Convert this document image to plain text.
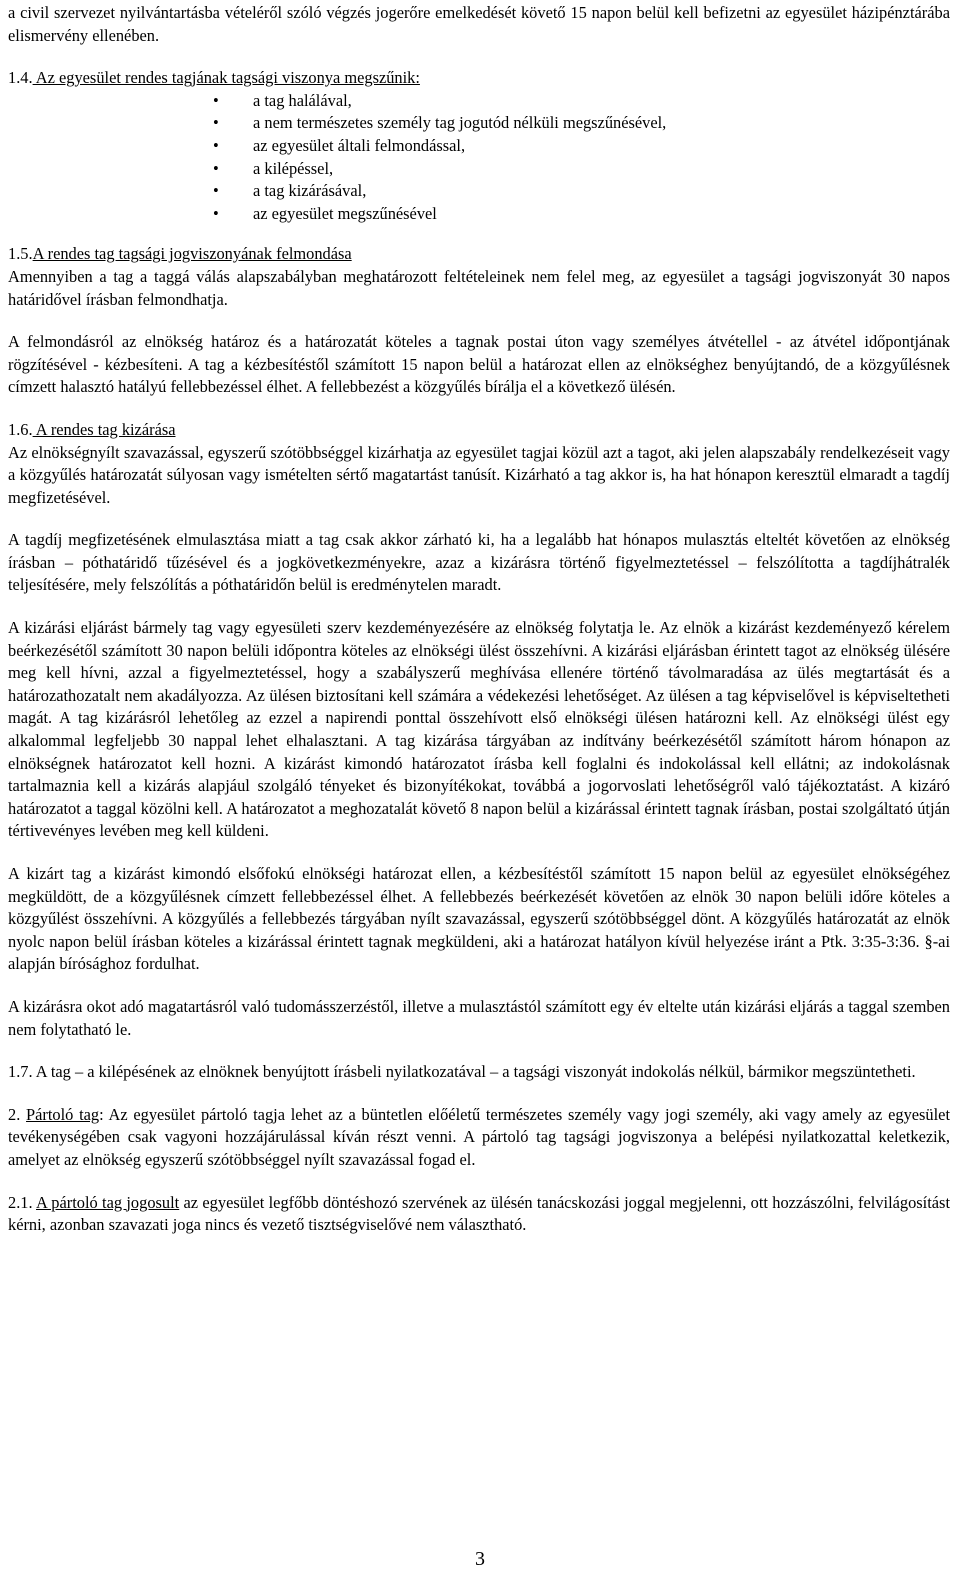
a civil szervezet nyilvántartásba vételéről szóló végzés jogerőre emelkedését követő 15 napon belül kell befizetni az egyesület házipénztárába elismervény ellenében.

1.4. Az egyesület rendes tagjának tagsági viszonya megszűnik:

• a tag halálával,
• a nem természetes személy tag jogutód nélküli megszűnésével,
• az egyesület általi felmondással,
• a kilépéssel,
• a tag kizárásával,
• az egyesület megszűnésével

1.5.A rendes tag tagsági jogviszonyának felmondása

Amennyiben a tag a taggá válás alapszabályban meghatározott feltételeinek nem felel meg, az egyesület a tagsági jogviszonyát 30 napos határidővel írásban felmondhatja.

A felmondásról az elnökség határoz és a határozatát köteles a tagnak postai úton vagy személyes átvétellel - az átvétel időpontjának rögzítésével - kézbesíteni. A tag a kézbesítéstől számított 15 napon belül a határozat ellen az elnökséghez benyújtandó, de a közgyűlésnek címzett halasztó hatályú fellebbezéssel élhet. A fellebbezést a közgyűlés bírálja el a következő ülésén.

1.6. A rendes tag kizárása

Az elnökségnyílt szavazással, egyszerű szótöbbséggel kizárhatja az egyesület tagjai közül azt a tagot, aki jelen alapszabály rendelkezéseit vagy a közgyűlés határozatát súlyosan vagy ismételten sértő magatartást tanúsít. Kizárható a tag akkor is, ha hat hónapon keresztül elmaradt a tagdíj megfizetésével.

A tagdíj megfizetésének elmulasztása miatt a tag csak akkor zárható ki, ha a legalább hat hónapos mulasztás elteltét követően az elnökség írásban – póthatáridő tűzésével és a jogkövetkezményekre, azaz a kizárásra történő figyelmeztetéssel – felszólította a tagdíjhátralék teljesítésére, mely felszólítás a póthatáridőn belül is eredménytelen maradt.

A kizárási eljárást bármely tag vagy egyesületi szerv kezdeményezésére az elnökség folytatja le. Az elnök a kizárást kezdeményező kérelem beérkezésétől számított 30 napon belüli időpontra köteles az elnökségi ülést összehívni. A kizárási eljárásban érintett tagot az elnökség ülésére meg kell hívni, azzal a figyelmeztetéssel, hogy a szabályszerű meghívása ellenére történő távolmaradása az ülés megtartását és a határozathozatalt nem akadályozza. Az ülésen biztosítani kell számára a védekezési lehetőséget. Az ülésen a tag képviselővel is képviseltetheti magát. A tag kizárásról lehetőleg az ezzel a napirendi ponttal összehívott első elnökségi ülésen határozni kell. Az elnökségi ülést egy alkalommal legfeljebb 30 nappal lehet elhalasztani. A tag kizárása tárgyában az indítvány beérkezésétől számított három hónapon az elnökségnek határozatot kell hozni. A kizárást kimondó határozatot írásba kell foglalni és indokolással kell ellátni; az indokolásnak tartalmaznia kell a kizárás alapjául szolgáló tényeket és bizonyítékokat, továbbá a jogorvoslati lehetőségről való tájékoztatást. A kizáró határozatot a taggal közölni kell. A határozatot a meghozatalát követő 8 napon belül a kizárással érintett tagnak írásban, postai szolgáltató útján tértivevényes levében meg kell küldeni.

A kizárt tag a kizárást kimondó elsőfokú elnökségi határozat ellen, a kézbesítéstől számított 15 napon belül az egyesület elnökségéhez megküldött, de a közgyűlésnek címzett fellebbezéssel élhet. A fellebbezés beérkezését követően az elnök 30 napon belüli időre köteles a közgyűlést összehívni. A közgyűlés a fellebbezés tárgyában nyílt szavazással, egyszerű szótöbbséggel dönt. A közgyűlés határozatát az elnök nyolc napon belül írásban köteles a kizárással érintett tagnak megküldeni, aki a határozat hatályon kívül helyezése iránt a Ptk. 3:35-3:36. §-ai alapján bírósághoz fordulhat.

A kizárásra okot adó magatartásról való tudomásszerzéstől, illetve a mulasztástól számított egy év eltelte után kizárási eljárás a taggal szemben nem folytatható le.

1.7. A tag – a kilépésének az elnöknek benyújtott írásbeli nyilatkozatával – a tagsági viszonyát indokolás nélkül, bármikor megszüntetheti.

2. Pártoló tag: Az egyesület pártoló tagja lehet az a büntetlen előéletű természetes személy vagy jogi személy, aki vagy amely az egyesület tevékenységében csak vagyoni hozzájárulással kíván részt venni. A pártoló tag tagsági jogviszonya a belépési nyilatkozattal keletkezik, amelyet az elnökség egyszerű szótöbbséggel nyílt szavazással fogad el.

2.1. A pártoló tag jogosult az egyesület legfőbb döntéshozó szervének az ülésén tanácskozási joggal megjelenni, ott hozzászólni, felvilágosítást kérni, azonban szavazati joga nincs és vezető tisztségviselővé nem választható.

3
